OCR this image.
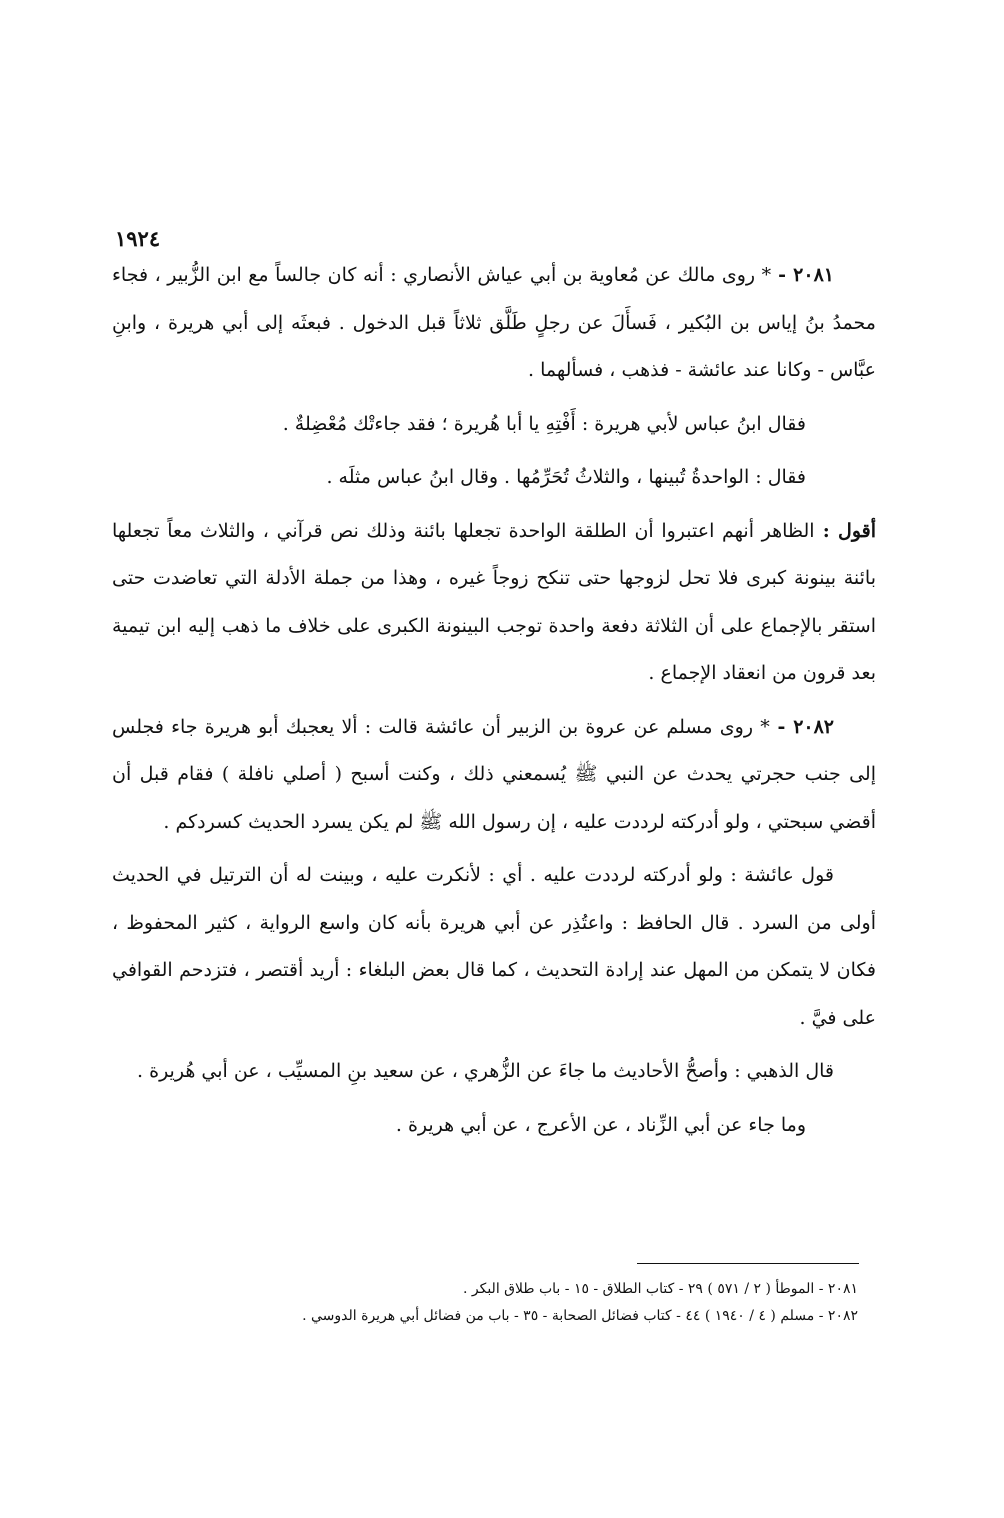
١٩٢٤

٢٠٨١ - * روى مالك عن مُعاوية بن أبي عياش الأنصاري : أنه كان جالساً مع ابن الزُّبير ، فجاء محمدُ بنُ إياس بن البُكير ، فَسأَلَ عن رجلٍ طَلَّق ثلاثاً قبل الدخول . فبعثَه إلى أبي هريرة ، وابنِ عبَّاس - وكانا عند عائشة - فذهب ، فسألهما .

فقال ابنُ عباس لأبي هريرة : أَفْتِهِ يا أبا هُريرة ؛ فقد جاءتْك مُعْضِلةٌ .

فقال : الواحدةُ تُبينها ، والثلاثُ تُحَرِّمُها . وقال ابنُ عباس مثلَه .

أقول : الظاهر أنهم اعتبروا أن الطلقة الواحدة تجعلها بائنة وذلك نص قرآني ، والثلاث معاً تجعلها بائنة بينونة كبرى فلا تحل لزوجها حتى تنكح زوجاً غيره ، وهذا من جملة الأدلة التي تعاضدت حتى استقر بالإجماع على أن الثلاثة دفعة واحدة توجب البينونة الكبرى على خلاف ما ذهب إليه ابن تيمية بعد قرون من انعقاد الإجماع .

٢٠٨٢ - * روى مسلم عن عروة بن الزبير أن عائشة قالت : ألا يعجبك أبو هريرة جاء فجلس إلى جنب حجرتي يحدث عن النبي ﷺ يُسمعني ذلك ، وكنت أسبح ( أصلي نافلة ) فقام قبل أن أقضي سبحتي ، ولو أدركته لرددت عليه ، إن رسول الله ﷺ لم يكن يسرد الحديث كسردكم .

قول عائشة : ولو أدركته لرددت عليه . أي : لأنكرت عليه ، وبينت له أن الترتيل في الحديث أولى من السرد . قال الحافظ : واعتُذِر عن أبي هريرة بأنه كان واسع الرواية ، كثير المحفوظ ، فكان لا يتمكن من المهل عند إرادة التحديث ، كما قال بعض البلغاء : أريد أقتصر ، فتزدحم القوافي على فيَّ .

قال الذهبي : وأصحُّ الأحاديث ما جاءَ عن الزُّهري ، عن سعيد بنِ المسيِّب ، عن أبي هُريرة .

وما جاء عن أبي الزِّناد ، عن الأعرج ، عن أبي هريرة .

٢٠٨١ - الموطأ ( ٢ / ٥٧١ ) ٢٩ - كتاب الطلاق - ١٥ - باب طلاق البكر .

٢٠٨٢ - مسلم ( ٤ / ١٩٤٠ ) ٤٤ - كتاب فضائل الصحابة - ٣٥ - باب من فضائل أبي هريرة الدوسي .
